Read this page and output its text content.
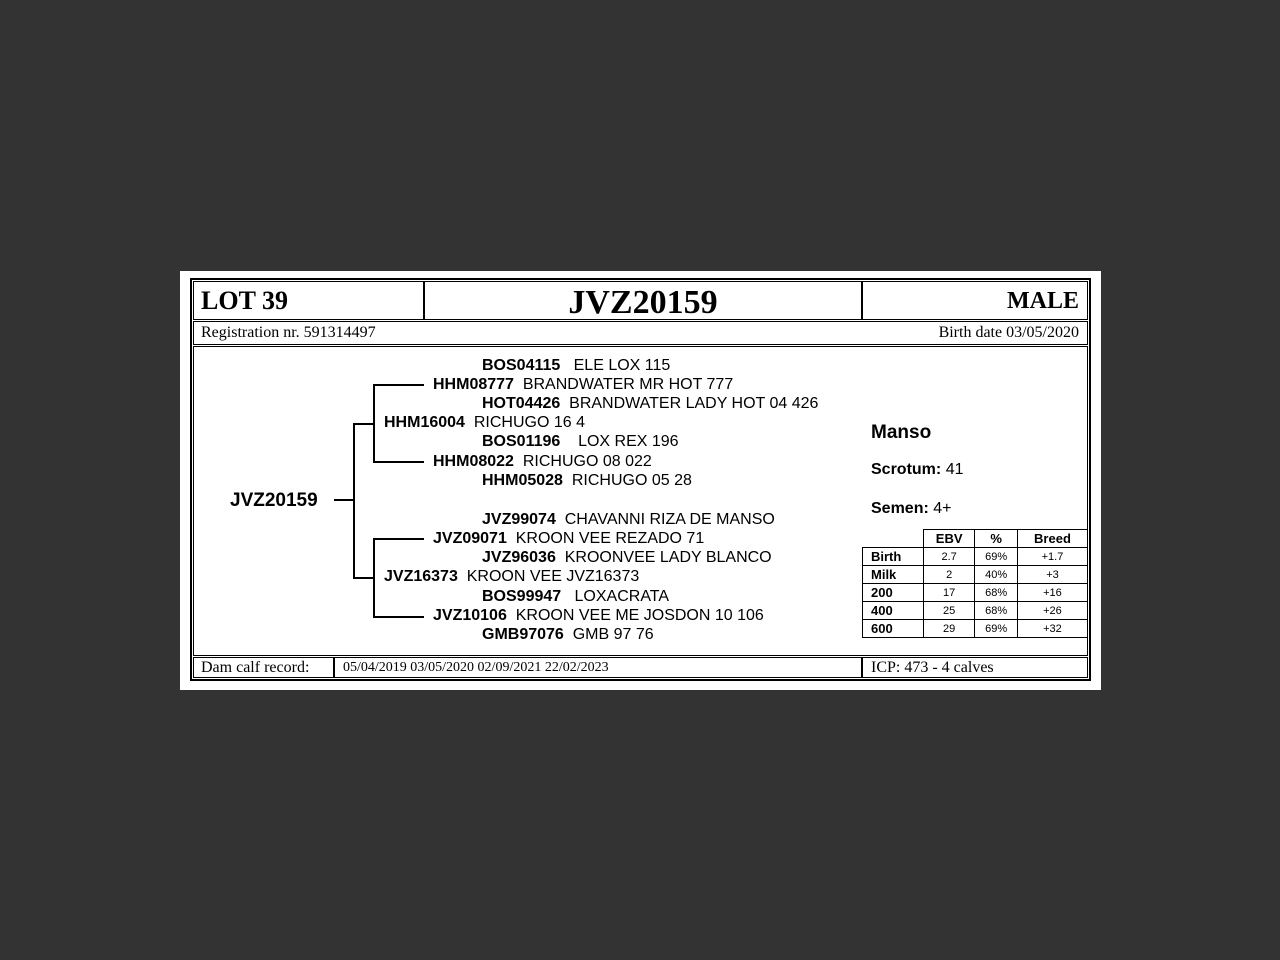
LOT 39	JVZ20159	MALE
Registration nr. 591314497	Birth date 03/05/2020
JVZ20159
BOS04115 ELE LOX 115
HHM08777 BRANDWATER MR HOT 777
HOT04426 BRANDWATER LADY HOT 04 426
HHM16004 RICHUGO 16 4
BOS01196 LOX REX 196
HHM08022 RICHUGO 08 022
HHM05028 RICHUGO 05 28
JVZ99074 CHAVANNI RIZA DE MANSO
JVZ09071 KROON VEE REZADO 71
JVZ96036 KROONVEE LADY BLANCO
JVZ16373 KROON VEE JVZ16373
BOS99947 LOXACRATA
JVZ10106 KROON VEE ME JOSDON 10 106
GMB97076 GMB 97 76
Manso
Scrotum: 41
Semen: 4+
	EBV	%	Breed
Birth	2.7	69%	+1.7
Milk	2	40%	+3
200	17	68%	+16
400	25	68%	+26
600	29	69%	+32
Dam calf record: 05/04/2019 03/05/2020 02/09/2021 22/02/2023	ICP: 473 - 4 calves
